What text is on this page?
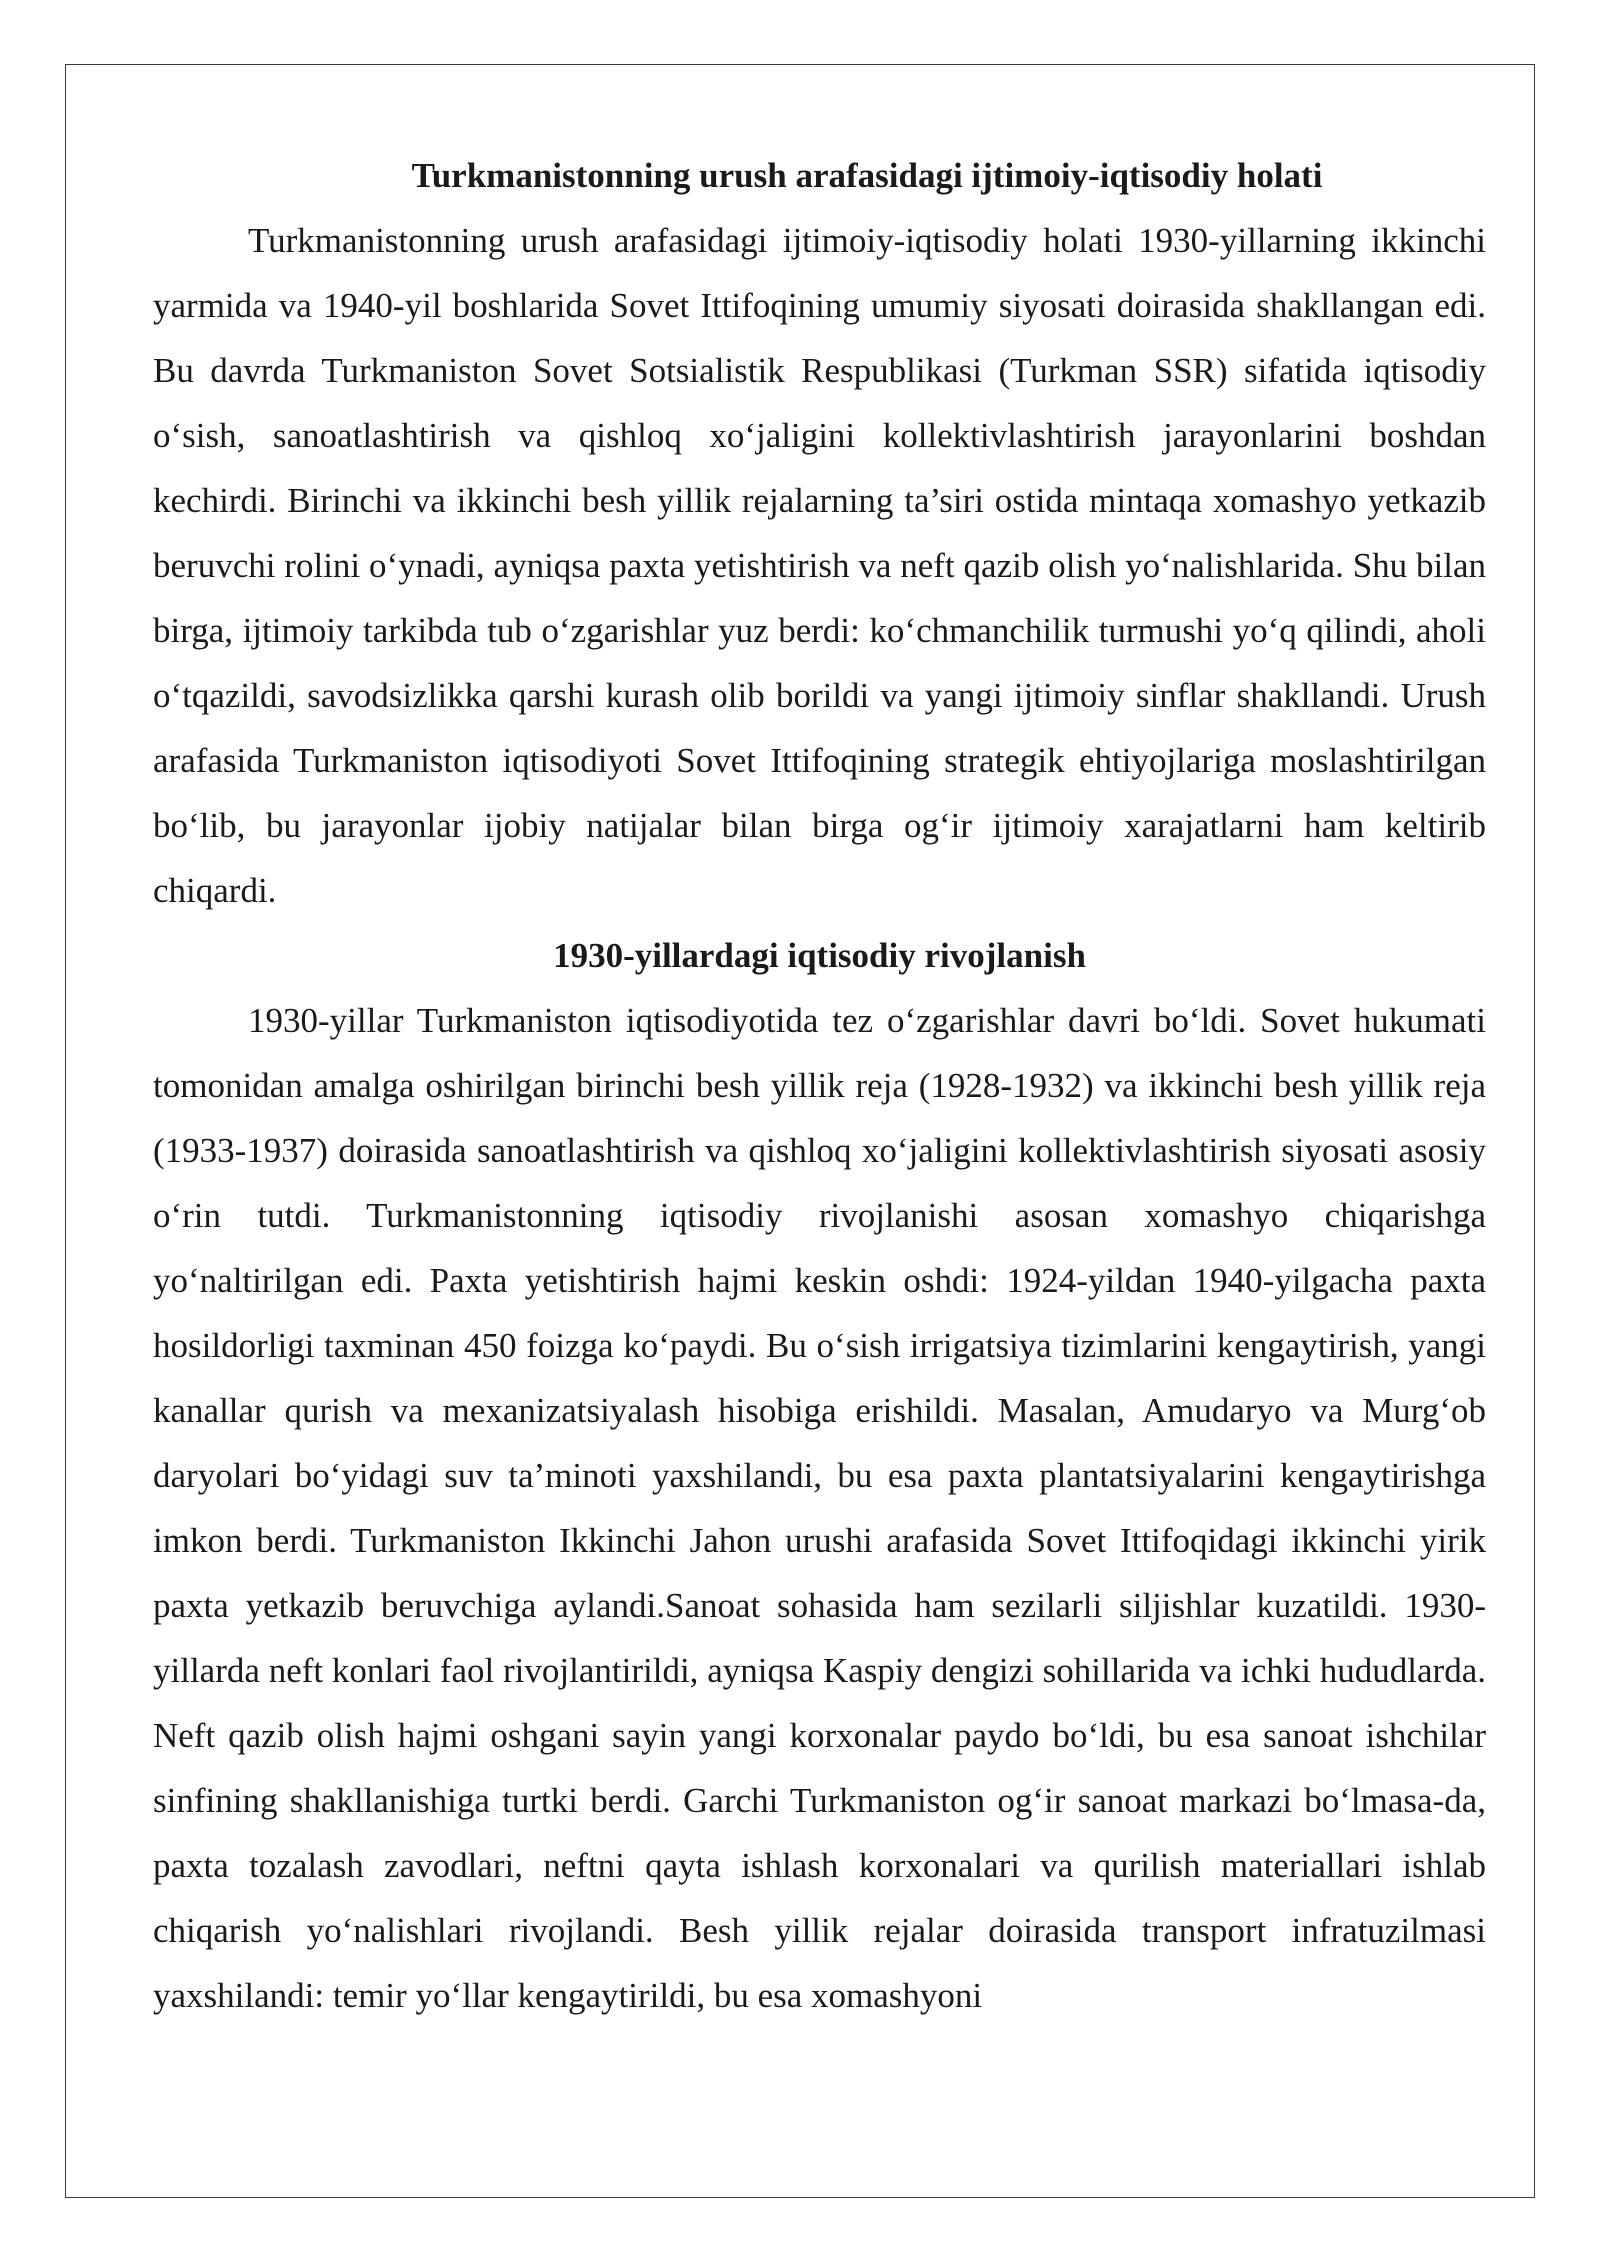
Turkmanistonning urush arafasidagi ijtimoiy-iqtisodiy holati

Turkmanistonning urush arafasidagi ijtimoiy-iqtisodiy holati 1930-yillarning ikkinchi yarmida va 1940-yil boshlarida Sovet Ittifoqining umumiy siyosati doirasida shakllangan edi. Bu davrda Turkmaniston Sovet Sotsialistik Respublikasi (Turkman SSR) sifatida iqtisodiy o‘sish, sanoatlashtirish va qishloq xo‘jaligini kollektivlashtirish jarayonlarini boshdan kechirdi. Birinchi va ikkinchi besh yillik rejalarning ta’siri ostida mintaqa xomashyo yetkazib beruvchi rolini o‘ynadi, ayniqsa paxta yetishtirish va neft qazib olish yo‘nalishlarida. Shu bilan birga, ijtimoiy tarkibda tub o‘zgarishlar yuz berdi: ko‘chmanchilik turmushi yo‘q qilindi, aholi o‘tqazildi, savodsizlikka qarshi kurash olib borildi va yangi ijtimoiy sinflar shakllandi. Urush arafasida Turkmaniston iqtisodiyoti Sovet Ittifoqining strategik ehtiyojlariga moslashtirilgan bo‘lib, bu jarayonlar ijobiy natijalar bilan birga og‘ir ijtimoiy xarajatlarni ham keltirib chiqardi.

1930-yillardagi iqtisodiy rivojlanish

1930-yillar Turkmaniston iqtisodiyotida tez o‘zgarishlar davri bo‘ldi. Sovet hukumati tomonidan amalga oshirilgan birinchi besh yillik reja (1928-1932) va ikkinchi besh yillik reja (1933-1937) doirasida sanoatlashtirish va qishloq xo‘jaligini kollektivlashtirish siyosati asosiy o‘rin tutdi. Turkmanistonning iqtisodiy rivojlanishi asosan xomashyo chiqarishga yo‘naltirilgan edi. Paxta yetishtirish hajmi keskin oshdi: 1924-yildan 1940-yilgacha paxta hosildorligi taxminan 450 foizga ko‘paydi. Bu o‘sish irrigatsiya tizimlarini kengaytirish, yangi kanallar qurish va mexanizatsiyalash hisobiga erishildi. Masalan, Amudaryo va Murg‘ob daryolari bo‘yidagi suv ta’minoti yaxshilandi, bu esa paxta plantatsiyalarini kengaytirishga imkon berdi. Turkmaniston Ikkinchi Jahon urushi arafasida Sovet Ittifoqidagi ikkinchi yirik paxta yetkazib beruvchiga aylandi.Sanoat sohasida ham sezilarli siljishlar kuzatildi. 1930-yillarda neft konlari faol rivojlantirildi, ayniqsa Kaspiy dengizi sohillarida va ichki hududlarda. Neft qazib olish hajmi oshgani sayin yangi korxonalar paydo bo‘ldi, bu esa sanoat ishchilar sinfining shakllanishiga turtki berdi. Garchi Turkmaniston og‘ir sanoat markazi bo‘lmasa-da, paxta tozalash zavodlari, neftni qayta ishlash korxonalari va qurilish materiallari ishlab chiqarish yo‘nalishlari rivojlandi. Besh yillik rejalar doirasida transport infratuzilmasi yaxshilandi: temir yo‘llar kengaytirildi, bu esa xomashyoni
